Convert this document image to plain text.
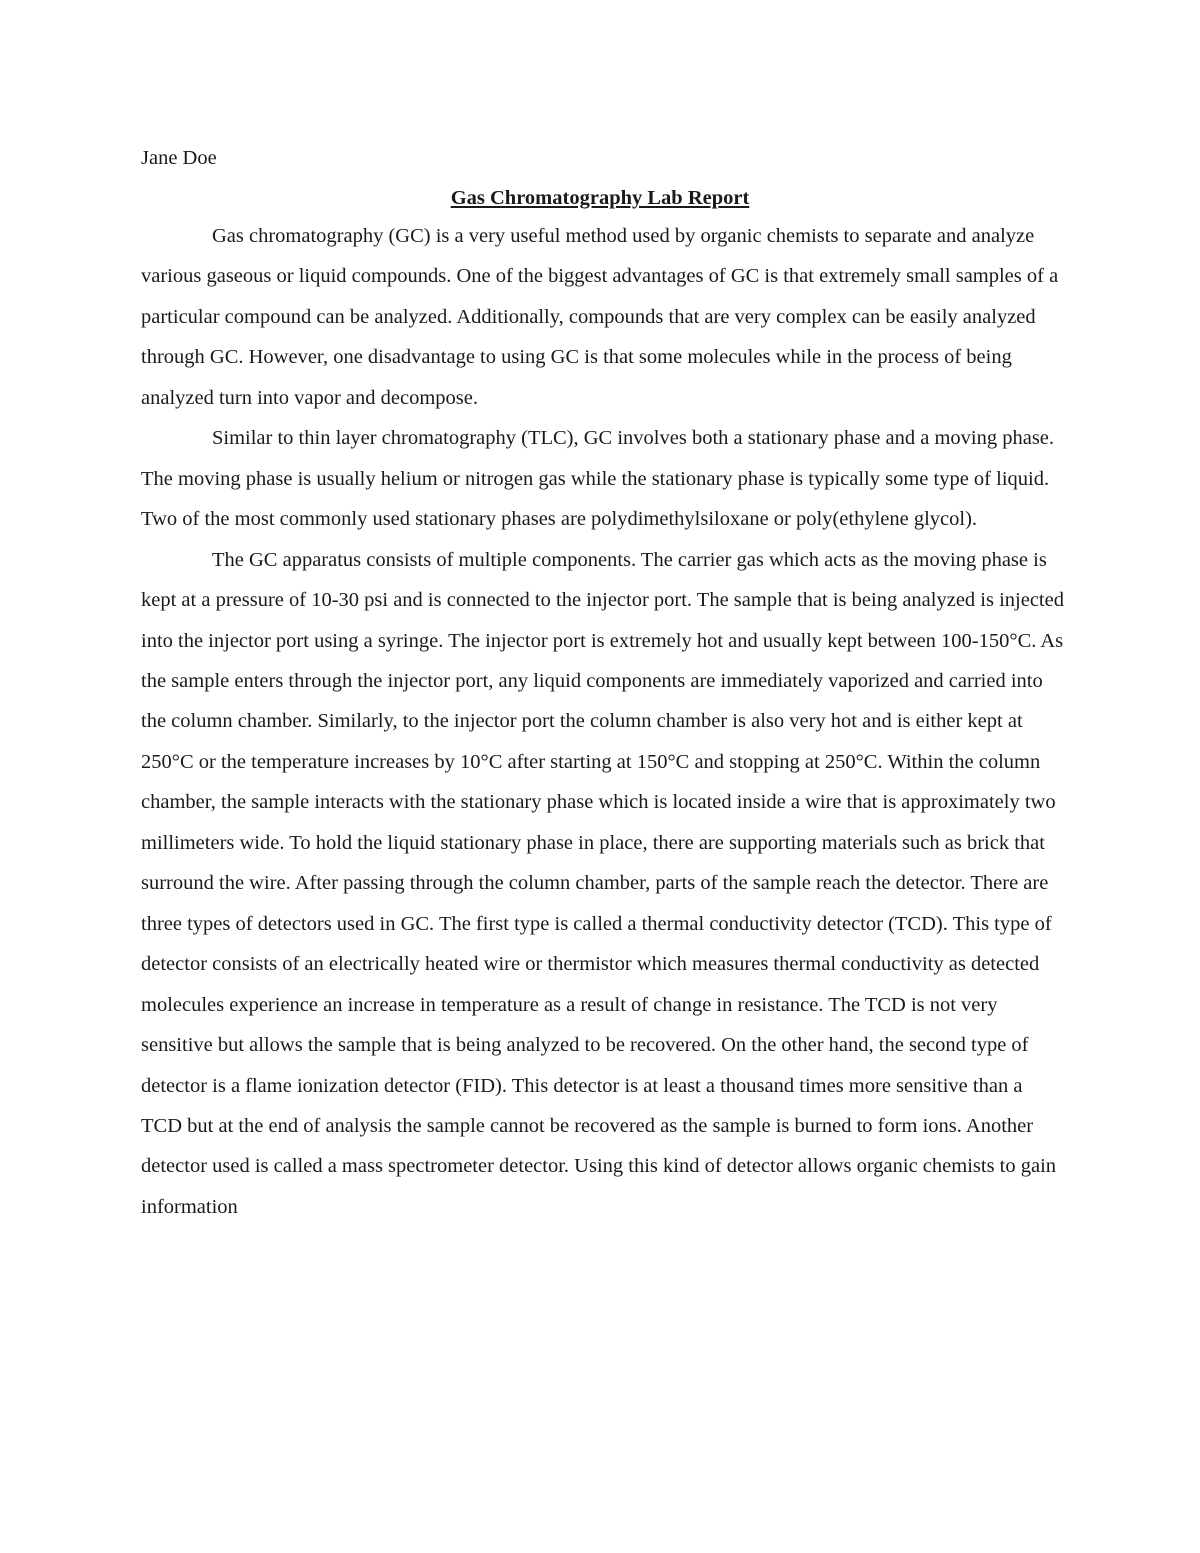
Jane Doe

Gas Chromatography Lab Report

Gas chromatography (GC) is a very useful method used by organic chemists to separate and analyze various gaseous or liquid compounds. One of the biggest advantages of GC is that extremely small samples of a particular compound can be analyzed. Additionally, compounds that are very complex can be easily analyzed through GC. However, one disadvantage to using GC is that some molecules while in the process of being analyzed turn into vapor and decompose.

Similar to thin layer chromatography (TLC), GC involves both a stationary phase and a moving phase. The moving phase is usually helium or nitrogen gas while the stationary phase is typically some type of liquid. Two of the most commonly used stationary phases are polydimethylsiloxane or poly(ethylene glycol).

The GC apparatus consists of multiple components. The carrier gas which acts as the moving phase is kept at a pressure of 10-30 psi and is connected to the injector port. The sample that is being analyzed is injected into the injector port using a syringe. The injector port is extremely hot and usually kept between 100-150°C. As the sample enters through the injector port, any liquid components are immediately vaporized and carried into the column chamber. Similarly, to the injector port the column chamber is also very hot and is either kept at 250°C or the temperature increases by 10°C after starting at 150°C and stopping at 250°C. Within the column chamber, the sample interacts with the stationary phase which is located inside a wire that is approximately two millimeters wide. To hold the liquid stationary phase in place, there are supporting materials such as brick that surround the wire. After passing through the column chamber, parts of the sample reach the detector. There are three types of detectors used in GC. The first type is called a thermal conductivity detector (TCD). This type of detector consists of an electrically heated wire or thermistor which measures thermal conductivity as detected molecules experience an increase in temperature as a result of change in resistance. The TCD is not very sensitive but allows the sample that is being analyzed to be recovered. On the other hand, the second type of detector is a flame ionization detector (FID). This detector is at least a thousand times more sensitive than a TCD but at the end of analysis the sample cannot be recovered as the sample is burned to form ions. Another detector used is called a mass spectrometer detector. Using this kind of detector allows organic chemists to gain information
